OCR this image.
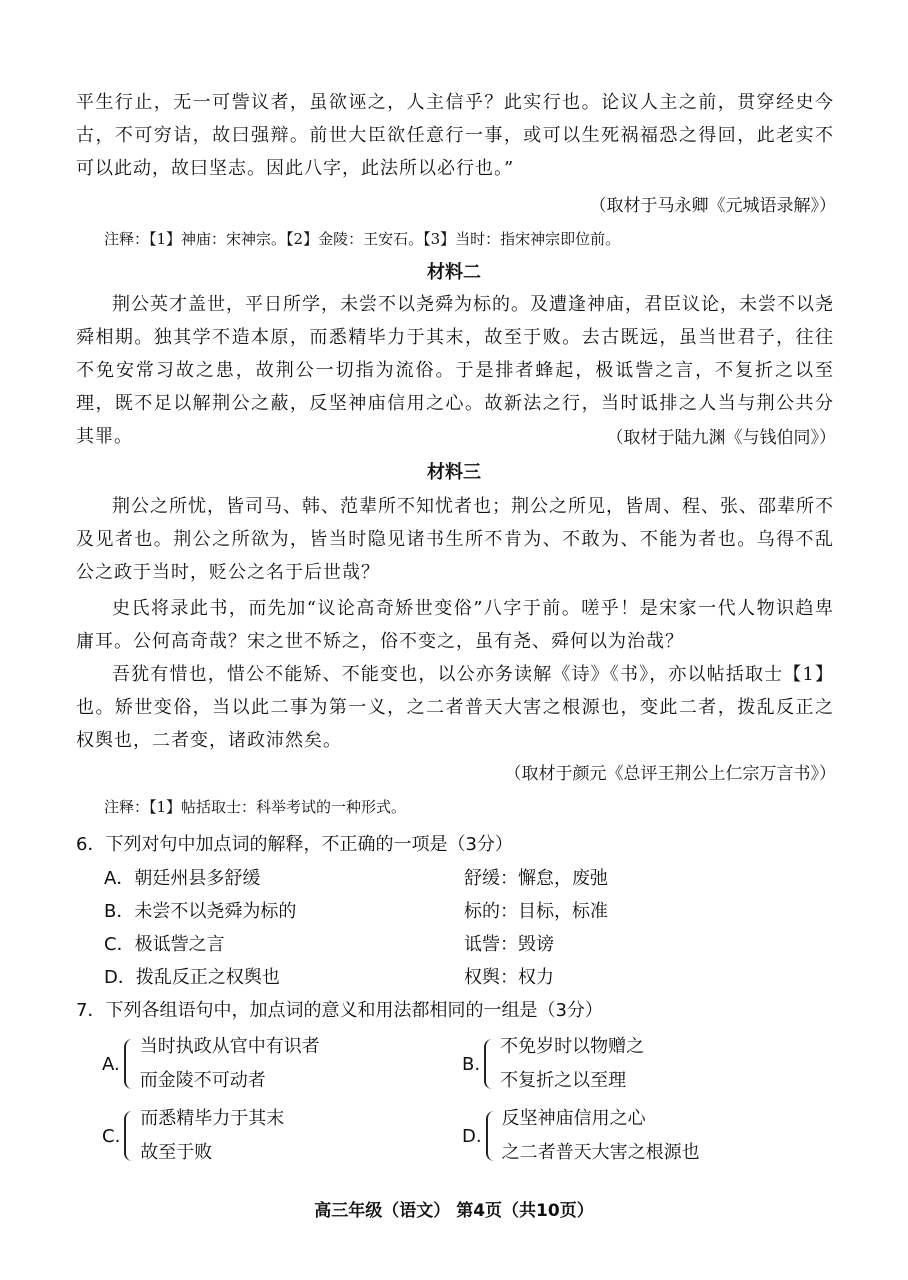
平生行止，无一可訾议者，虽欲诬之，人主信乎？此实行也。论议人主之前，贯穿经史今古，不可穷诘，故曰强辩。前世大臣欲任意行一事，或可以生死祸福恐之得回，此老实不可以此动，故曰坚志。因此八字，此法所以必行也。”

（取材于马永卿《元城语录解》）

注释：【1】神庙：宋神宗。【2】金陵：王安石。【3】当时：指宋神宗即位前。

材料二

荆公英才盖世，平日所学，未尝不以尧舜为标的。及遭逢神庙，君臣议论，未尝不以尧舜相期。独其学不造本原，而悉精毕力于其末，故至于败。去古既远，虽当世君子，往往不免安常习故之患，故荆公一切指为流俗。于是排者蜂起，极诋訾之言，不复折之以至理，既不足以解荆公之蔽，反坚神庙信用之心。故新法之行，当时诋排之人当与荆公共分其罪。	（取材于陆九渊《与钱伯同》）

材料三

荆公之所忧，皆司马、韩、范辈所不知忧者也；荆公之所见，皆周、程、张、邵辈所不及见者也。荆公之所欲为，皆当时隐见诸书生所不肯为、不敢为、不能为者也。乌得不乱公之政于当时，贬公之名于后世哉？

史氏将录此书，而先加“议论高奇矫世变俗”八字于前。嗟乎！是宋家一代人物识趋卑庸耳。公何高奇哉？宋之世不矫之，俗不变之，虽有尧、舜何以为治哉？

吾犹有惜也，惜公不能矫、不能变也，以公亦务读解《诗》《书》，亦以帖括取士【1】也。矫世变俗，当以此二事为第一义，之二者普天大害之根源也，变此二者，拨乱反正之权舆也，二者变，诸政沛然矣。

（取材于颜元《总评王荆公上仁宗万言书》）

注释：【1】帖括取士：科举考试的一种形式。

6．下列对句中加点词的解释，不正确的一项是（3分）

A．朝廷州县多舒缓	舒缓：懈怠，废弛

B．未尝不以尧舜为标的	标的：目标，标准

C．极诋訾之言	诋訾：毁谤

D．拨乱反正之权舆也	权舆：权力

7．下列各组语句中，加点词的意义和用法都相同的一组是（3分）

A.
当时执政从官中有识者
而金陵不可动者
B.
不免岁时以物赠之
不复折之以至理
C.
而悉精毕力于其末
故至于败
D.
反坚神庙信用之心
之二者普天大害之根源也

高三年级（语文） 第4页（共10页）
